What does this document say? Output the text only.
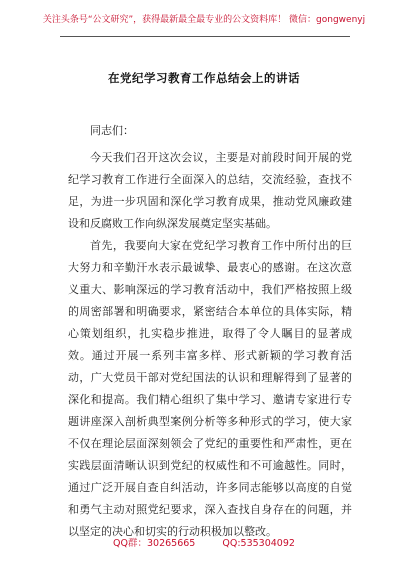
关注头条号“公文研究”，获得最新最全最专业的公文资料库！ 微信：gongwenyj
在党纪学习教育工作总结会上的讲话

同志们：

今天我们召开这次会议，主要是对前段时间开展的党纪学习教育工作进行全面深入的总结，交流经验，查找不足，为进一步巩固和深化学习教育成果，推动党风廉政建设和反腐败工作向纵深发展奠定坚实基础。

首先，我要向大家在党纪学习教育工作中所付出的巨大努力和辛勤汗水表示最诚挚、最衷心的感谢。在这次意义重大、影响深远的学习教育活动中，我们严格按照上级的周密部署和明确要求，紧密结合本单位的具体实际，精心策划组织，扎实稳步推进，取得了令人瞩目的显著成效。通过开展一系列丰富多样、形式新颖的学习教育活动，广大党员干部对党纪国法的认识和理解得到了显著的深化和提高。我们精心组织了集中学习、邀请专家进行专题讲座深入剖析典型案例分析等多种形式的学习，使大家不仅在理论层面深刻领会了党纪的重要性和严肃性，更在实践层面清晰认识到党纪的权威性和不可逾越性。同时，通过广泛开展自查自纠活动，许多同志能够以高度的自觉和勇气主动对照党纪要求，深入查找自身存在的问题，并以坚定的决心和切实的行动积极加以整改。

QQ群：30265665	QQ:535304092
